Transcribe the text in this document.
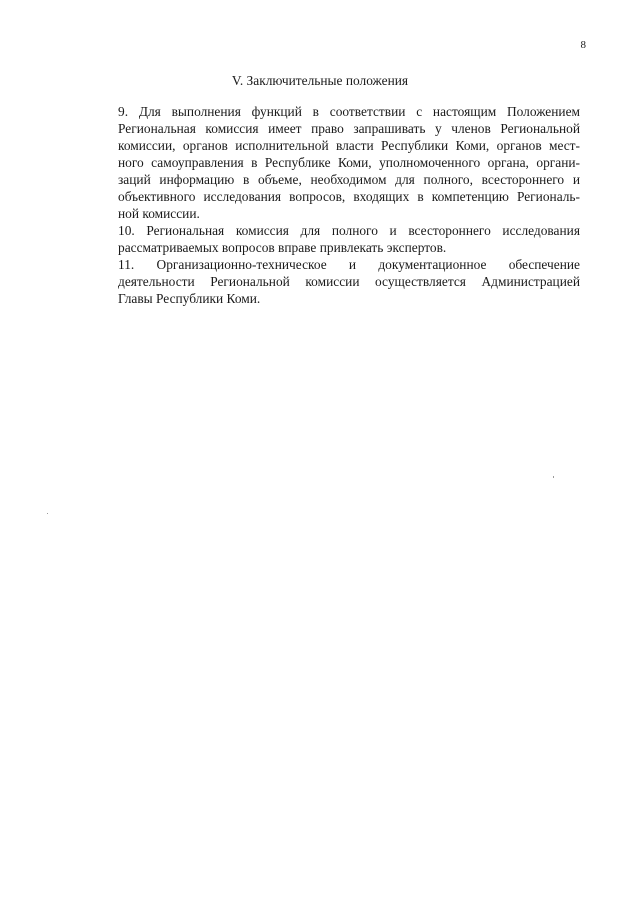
8
V. Заключительные положения

9. Для выполнения функций в соответствии с настоящим Положением
Региональная комиссия имеет право запрашивать у членов Региональной
комиссии, органов исполнительной власти Республики Коми, органов мест-
ного самоуправления в Республике Коми, уполномоченного органа, органи-
заций информацию в объеме, необходимом для полного, всестороннего и
объективного исследования вопросов, входящих в компетенцию Региональ-
ной комиссии.

10. Региональная комиссия для полного и всестороннего исследования
рассматриваемых вопросов вправе привлекать экспертов.

11. Организационно-техническое и документационное обеспечение
деятельности Региональной комиссии осуществляется Администрацией
Главы Республики Коми.
